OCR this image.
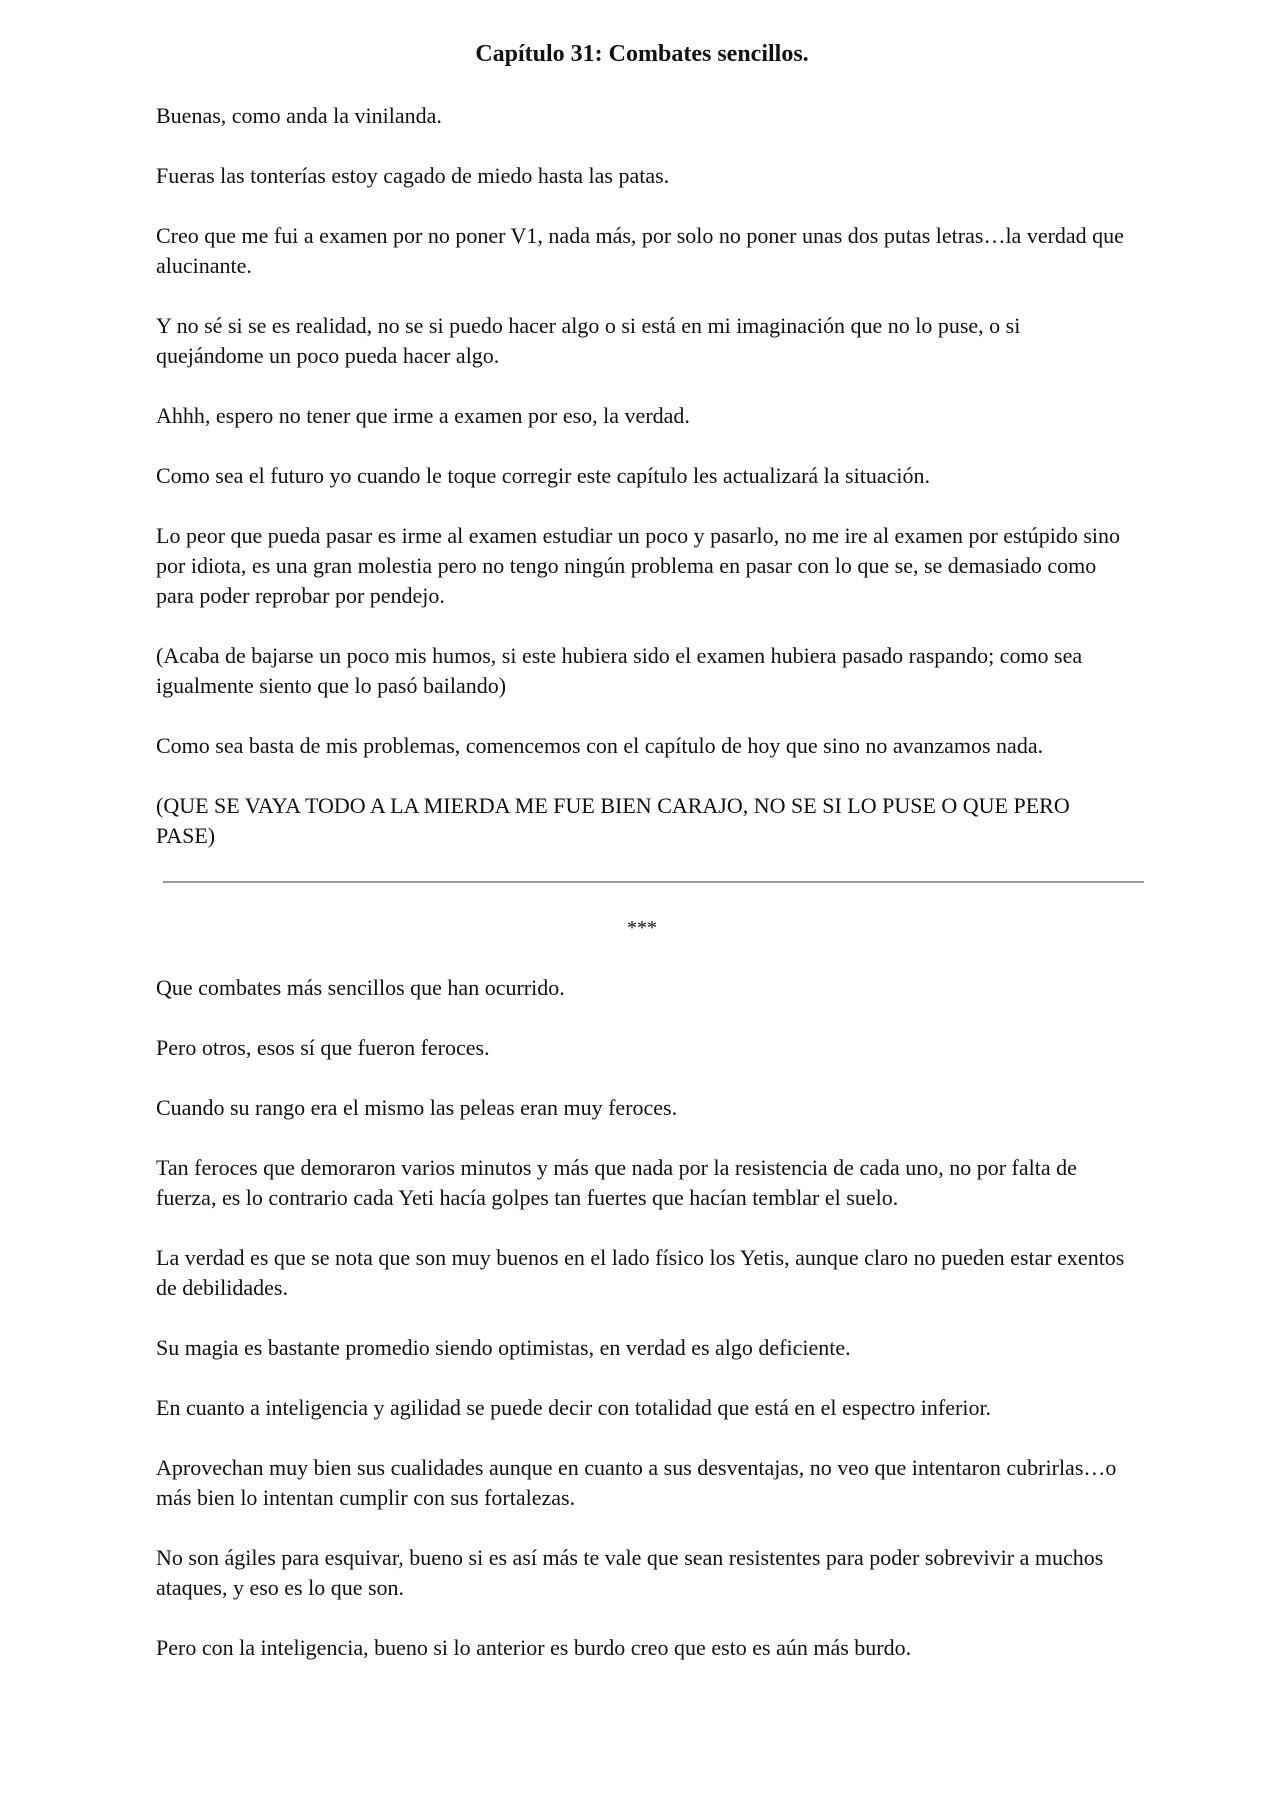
Capítulo 31: Combates sencillos.

Buenas, como anda la vinilanda.

Fueras las tonterías estoy cagado de miedo hasta las patas.

Creo que me fui a examen por no poner V1, nada más, por solo no poner unas dos putas letras…la verdad que alucinante.

Y no sé si se es realidad, no se si puedo hacer algo o si está en mi imaginación que no lo puse, o si quejándome un poco pueda hacer algo.

Ahhh, espero no tener que irme a examen por eso, la verdad.

Como sea el futuro yo cuando le toque corregir este capítulo les actualizará la situación.

Lo peor que pueda pasar es irme al examen estudiar un poco y pasarlo, no me ire al examen por estúpido sino por idiota, es una gran molestia pero no tengo ningún problema en pasar con lo que se, se demasiado como para poder reprobar por pendejo.

(Acaba de bajarse un poco mis humos, si este hubiera sido el examen hubiera pasado raspando; como sea igualmente siento que lo pasó bailando)

Como sea basta de mis problemas, comencemos con el capítulo de hoy que sino no avanzamos nada.

(QUE SE VAYA TODO A LA MIERDA ME FUE BIEN CARAJO, NO SE SI LO PUSE O QUE PERO PASE)

***

Que combates más sencillos que han ocurrido.

Pero otros, esos sí que fueron feroces.

Cuando su rango era el mismo las peleas eran muy feroces.

Tan feroces que demoraron varios minutos y más que nada por la resistencia de cada uno, no por falta de fuerza, es lo contrario cada Yeti hacía golpes tan fuertes que hacían temblar el suelo.

La verdad es que se nota que son muy buenos en el lado físico los Yetis, aunque claro no pueden estar exentos de debilidades.

Su magia es bastante promedio siendo optimistas, en verdad es algo deficiente.

En cuanto a inteligencia y agilidad se puede decir con totalidad que está en el espectro inferior.

Aprovechan muy bien sus cualidades aunque en cuanto a sus desventajas, no veo que intentaron cubrirlas…o más bien lo intentan cumplir con sus fortalezas.

No son ágiles para esquivar, bueno si es así más te vale que sean resistentes para poder sobrevivir a muchos ataques, y eso es lo que son.

Pero con la inteligencia, bueno si lo anterior es burdo creo que esto es aún más burdo.
